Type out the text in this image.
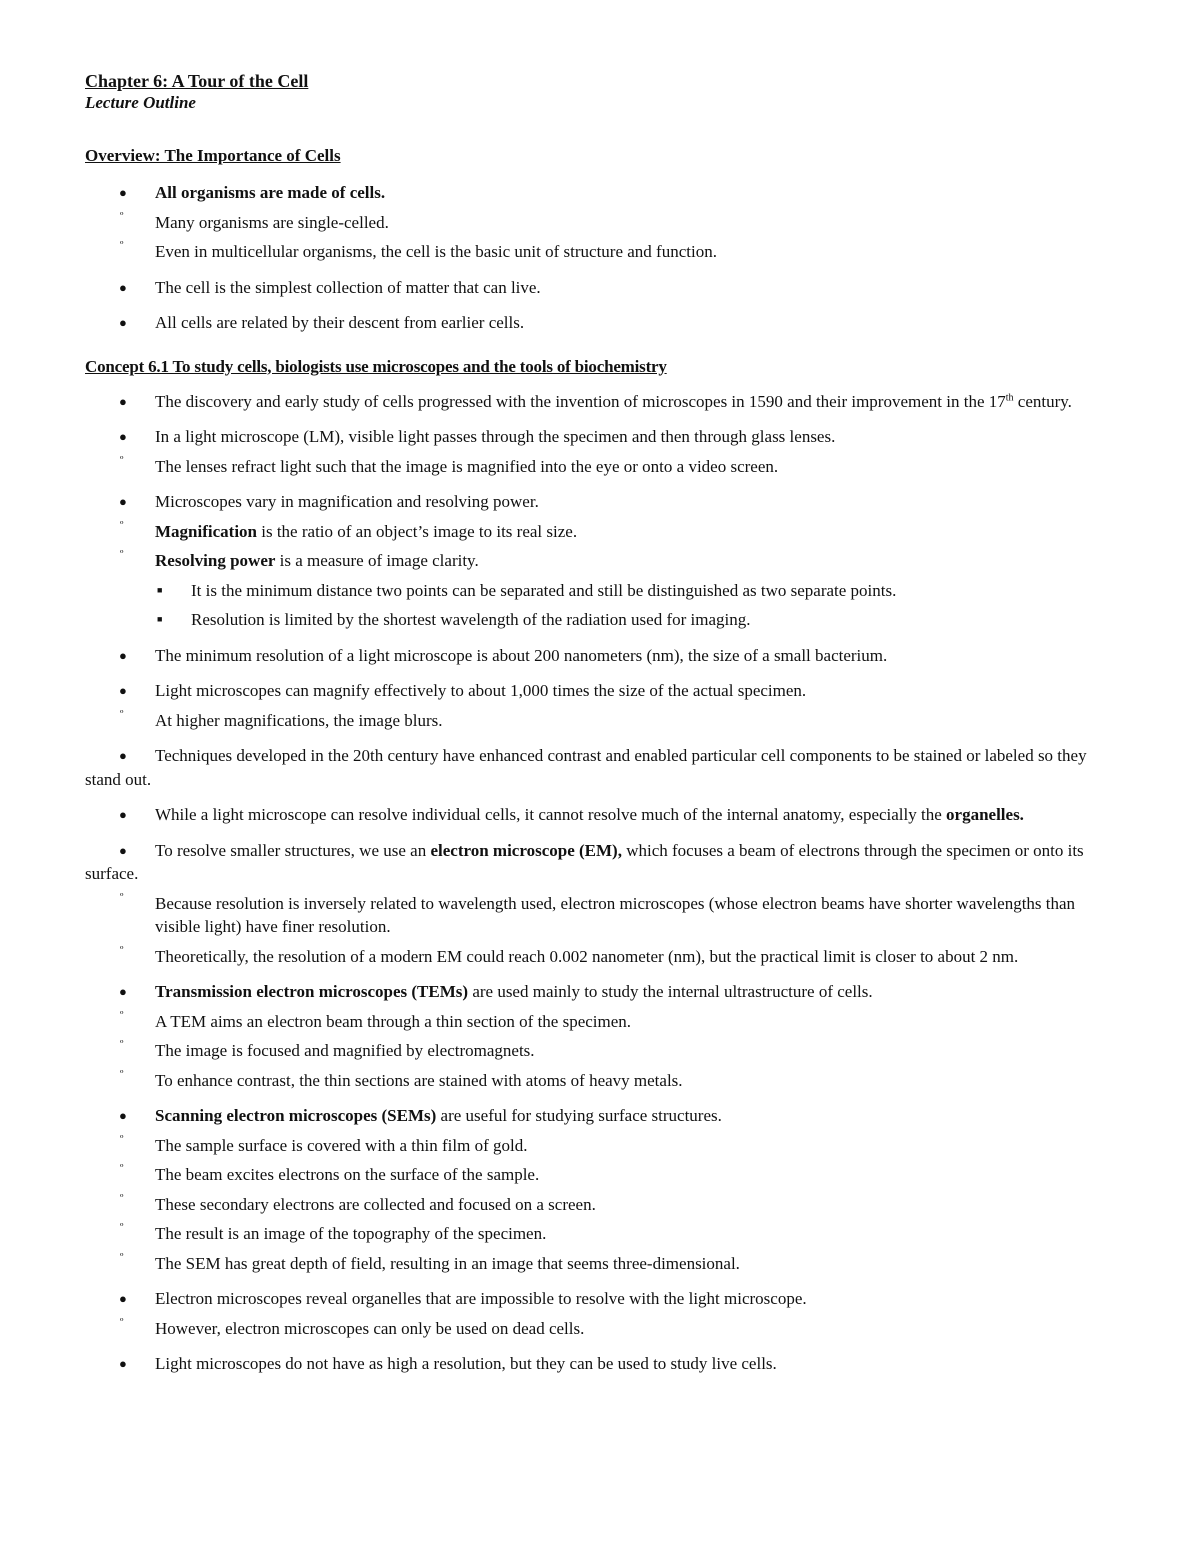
Chapter 6: A Tour of the Cell
Lecture Outline
Overview: The Importance of Cells
● All organisms are made of cells.
º Many organisms are single-celled.
º Even in multicellular organisms, the cell is the basic unit of structure and function.
● The cell is the simplest collection of matter that can live.
● All cells are related by their descent from earlier cells.
Concept 6.1 To study cells, biologists use microscopes and the tools of biochemistry
●	The discovery and early study of cells progressed with the invention of microscopes in 1590 and their improvement in the 17th century.
● In a light microscope (LM), visible light passes through the specimen and then through glass lenses.
º The lenses refract light such that the image is magnified into the eye or onto a video screen.
● Microscopes vary in magnification and resolving power.
º Magnification is the ratio of an object’s image to its real size.
º Resolving power is a measure of image clarity.
■ It is the minimum distance two points can be separated and still be distinguished as two separate points.
■ Resolution is limited by the shortest wavelength of the radiation used for imaging.
● The minimum resolution of a light microscope is about 200 nanometers (nm), the size of a small bacterium.
● Light microscopes can magnify effectively to about 1,000 times the size of the actual specimen.
º At higher magnifications, the image blurs.
●	Techniques developed in the 20th century have enhanced contrast and enabled particular cell components to be stained or labeled so they stand out.
●	While a light microscope can resolve individual cells, it cannot resolve much of the internal anatomy, especially the organelles.
●	To resolve smaller structures, we use an electron microscope (EM), which focuses a beam of electrons through the specimen or onto its surface.
º Because resolution is inversely related to wavelength used, electron microscopes (whose electron beams have shorter wavelengths than visible light) have finer resolution.
º Theoretically, the resolution of a modern EM could reach 0.002 nanometer (nm), but the practical limit is closer to about 2 nm.
● Transmission electron microscopes (TEMs) are used mainly to study the internal ultrastructure of cells.
º A TEM aims an electron beam through a thin section of the specimen.
º The image is focused and magnified by electromagnets.
º To enhance contrast, the thin sections are stained with atoms of heavy metals.
● Scanning electron microscopes (SEMs) are useful for studying surface structures.
º The sample surface is covered with a thin film of gold.
º The beam excites electrons on the surface of the sample.
º These secondary electrons are collected and focused on a screen.
º The result is an image of the topography of the specimen.
º The SEM has great depth of field, resulting in an image that seems three-dimensional.
● Electron microscopes reveal organelles that are impossible to resolve with the light microscope.
º However, electron microscopes can only be used on dead cells.
● Light microscopes do not have as high a resolution, but they can be used to study live cells.
